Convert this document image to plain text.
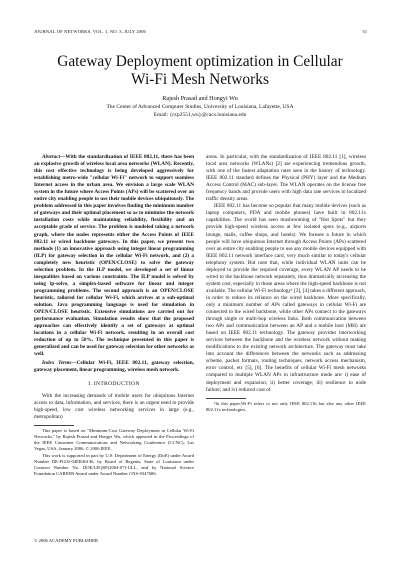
JOURNAL OF NETWORKS, VOL. 1, NO. 3, JULY 2006	51
Gateway Deployment optimization in Cellular
Wi-Fi Mesh Networks
Rajesh Prasad and Hongyi Wu
The Center of Advanced Computer Studies, University of Louisiana, Lafayette, USA
Email: {rxp2551,wu}@cacs.louisiana.edu

Abstract—With the standardization of IEEE 802.11, there has been an explosive growth of wireless local area networks (WLAN). Recently, this cost effective technology is being developed aggressively for establishing metro-wide "cellular Wi-Fi" network to support seamless Internet access in the urban area. We envision a large scale WLAN system in the future where Access Points (APs) will be scattered over an entire city enabling people to use their mobile devices ubiquitously. The problem addressed in this paper involves finding the minimum number of gateways and their optimal placement so as to minimize the network installation costs while maintaining reliability, flexibility and an acceptable grade of service. The problem is modeled taking a network graph, where the nodes represents either the Access Points of IEEE 802.11 or wired backbone gateways. In this paper, we present two methods (1) an innovative approach using integer linear programming (ILP) for gateway selection in the cellular Wi-Fi network, and (2) a completely new heuristic (OPEN/CLOSE) to solve the gateway selection problem. In the ILP model, we developed a set of linear inequalities based on various constraints. The ILP model is solved by using lp-solve, a simplex-based software for linear and integer programming problems. The second approach is an OPEN/CLOSE heuristic, tailored for cellular Wi-Fi, which arrives at a sub-optimal solution. Java programming language is used for simulation in OPEN/CLOSE heuristic. Extensive simulations are carried out for performance evaluation. Simulation results show that the proposed approaches can effectively identify a set of gateways at optimal locations in a cellular Wi-Fi network, resulting in an overall cost reduction of up to 50%. The technique presented in this paper is generalized and can be used for gateway selection for other networks as well.

Index Terms—Cellular Wi-Fi, IEEE 802.11, gateway selection, gateway placement, linear programming, wireless mesh network.

I. INTRODUCTION

With the increasing demands of mobile users for ubiquitous Internet access to data, information, and services, there is an urgent need to provide high-speed, low cost wireless networking services in large (e.g., metropolitan)

This paper is based on "Minimum-Cost Gateway Deployment in Cellular Wi-Fi Networks," by Rajesh Prasad and Hongyi Wu, which appeared in the Proceedings of the IEEE Consumer Communications and Networking Conference (CCNC), Las Vegas, USA, January 2006. © 2006 IEEE.

This work is supported in part by U.S. Department of Energy (DoE) under Award Number DE-FG02-04ER46136, by Board of Regents, State of Louisiana under Contract Number No. DOE/LEQSF(2004-07)-ULL, and by National Science Foundation CAREER Award under Award Number CNS-0347686.

areas. In particular, with the standardization of IEEE 802.11 [1], wireless local area networks (WLANs) [2] are experiencing tremendous growth, with one of the fastest adaptation rates seen in the history of technology. IEEE 802.11 standard defines the Physical (PHY) layer and the Medium Access Control (MAC) sub-layer. The WLAN operates on the license free frequency bands and provide users with high data rate services in localized traffic density areas.

IEEE 802.11 has become so popular that many mobile devices (such as laptop computers, PDA and mobile phones) have built in 802.11x capabilities. The world has seen mushrooming of "Hot Spots" but they provide high-speed wireless access at few isolated spots (e.g., airports lounge, malls, coffee shops, and hotels). We foresee a future in which people will have ubiquitous Internet through Access Points (APs) scattered over an entire city enabling people to use any mobile devices equipped with IEEE 802.11 network interface card, very much similar to today's cellular telephony system. But note that, while individual WLAN units can be deployed to provide the required coverage, every WLAN AP needs to be wired to the backbone network separately, thus dramatically increasing the system cost, especially in those areas where the high-speed backbone is not available. The cellular Wi-Fi technology¹ [3], [4] takes a different approach, in order to reduce its reliance on the wired backbone. More specifically, only a minimum number of APs called gateways in cellular Wi-Fi are connected to the wired backbone, while other APs connect to the gateways through single or multi-hop wireless links. Both communication between two APs and communication between an AP and a mobile host (MH) are based on IEEE 802.11 technology. The gateway provides interworking services between the backbone and the wireless network without making modifications to the existing network architecture. The gateway must take into account the differences between the networks such as addressing scheme, packet formats, routing techniques, network access mechanism, error control, etc [5], [6]. The benefits of cellular Wi-Fi mesh networks compared to multiple WLAN APs in infrastructure mode are: i) ease of deployment and expansion; ii) better coverage; iii) resilience to node failure; and iv) reduced cost of

¹In this paper,Wi-Fi refers to not only IEEE 802.11b but also any other IEEE 802.11x technologies.

© 2006 ACADEMY PUBLISHER
